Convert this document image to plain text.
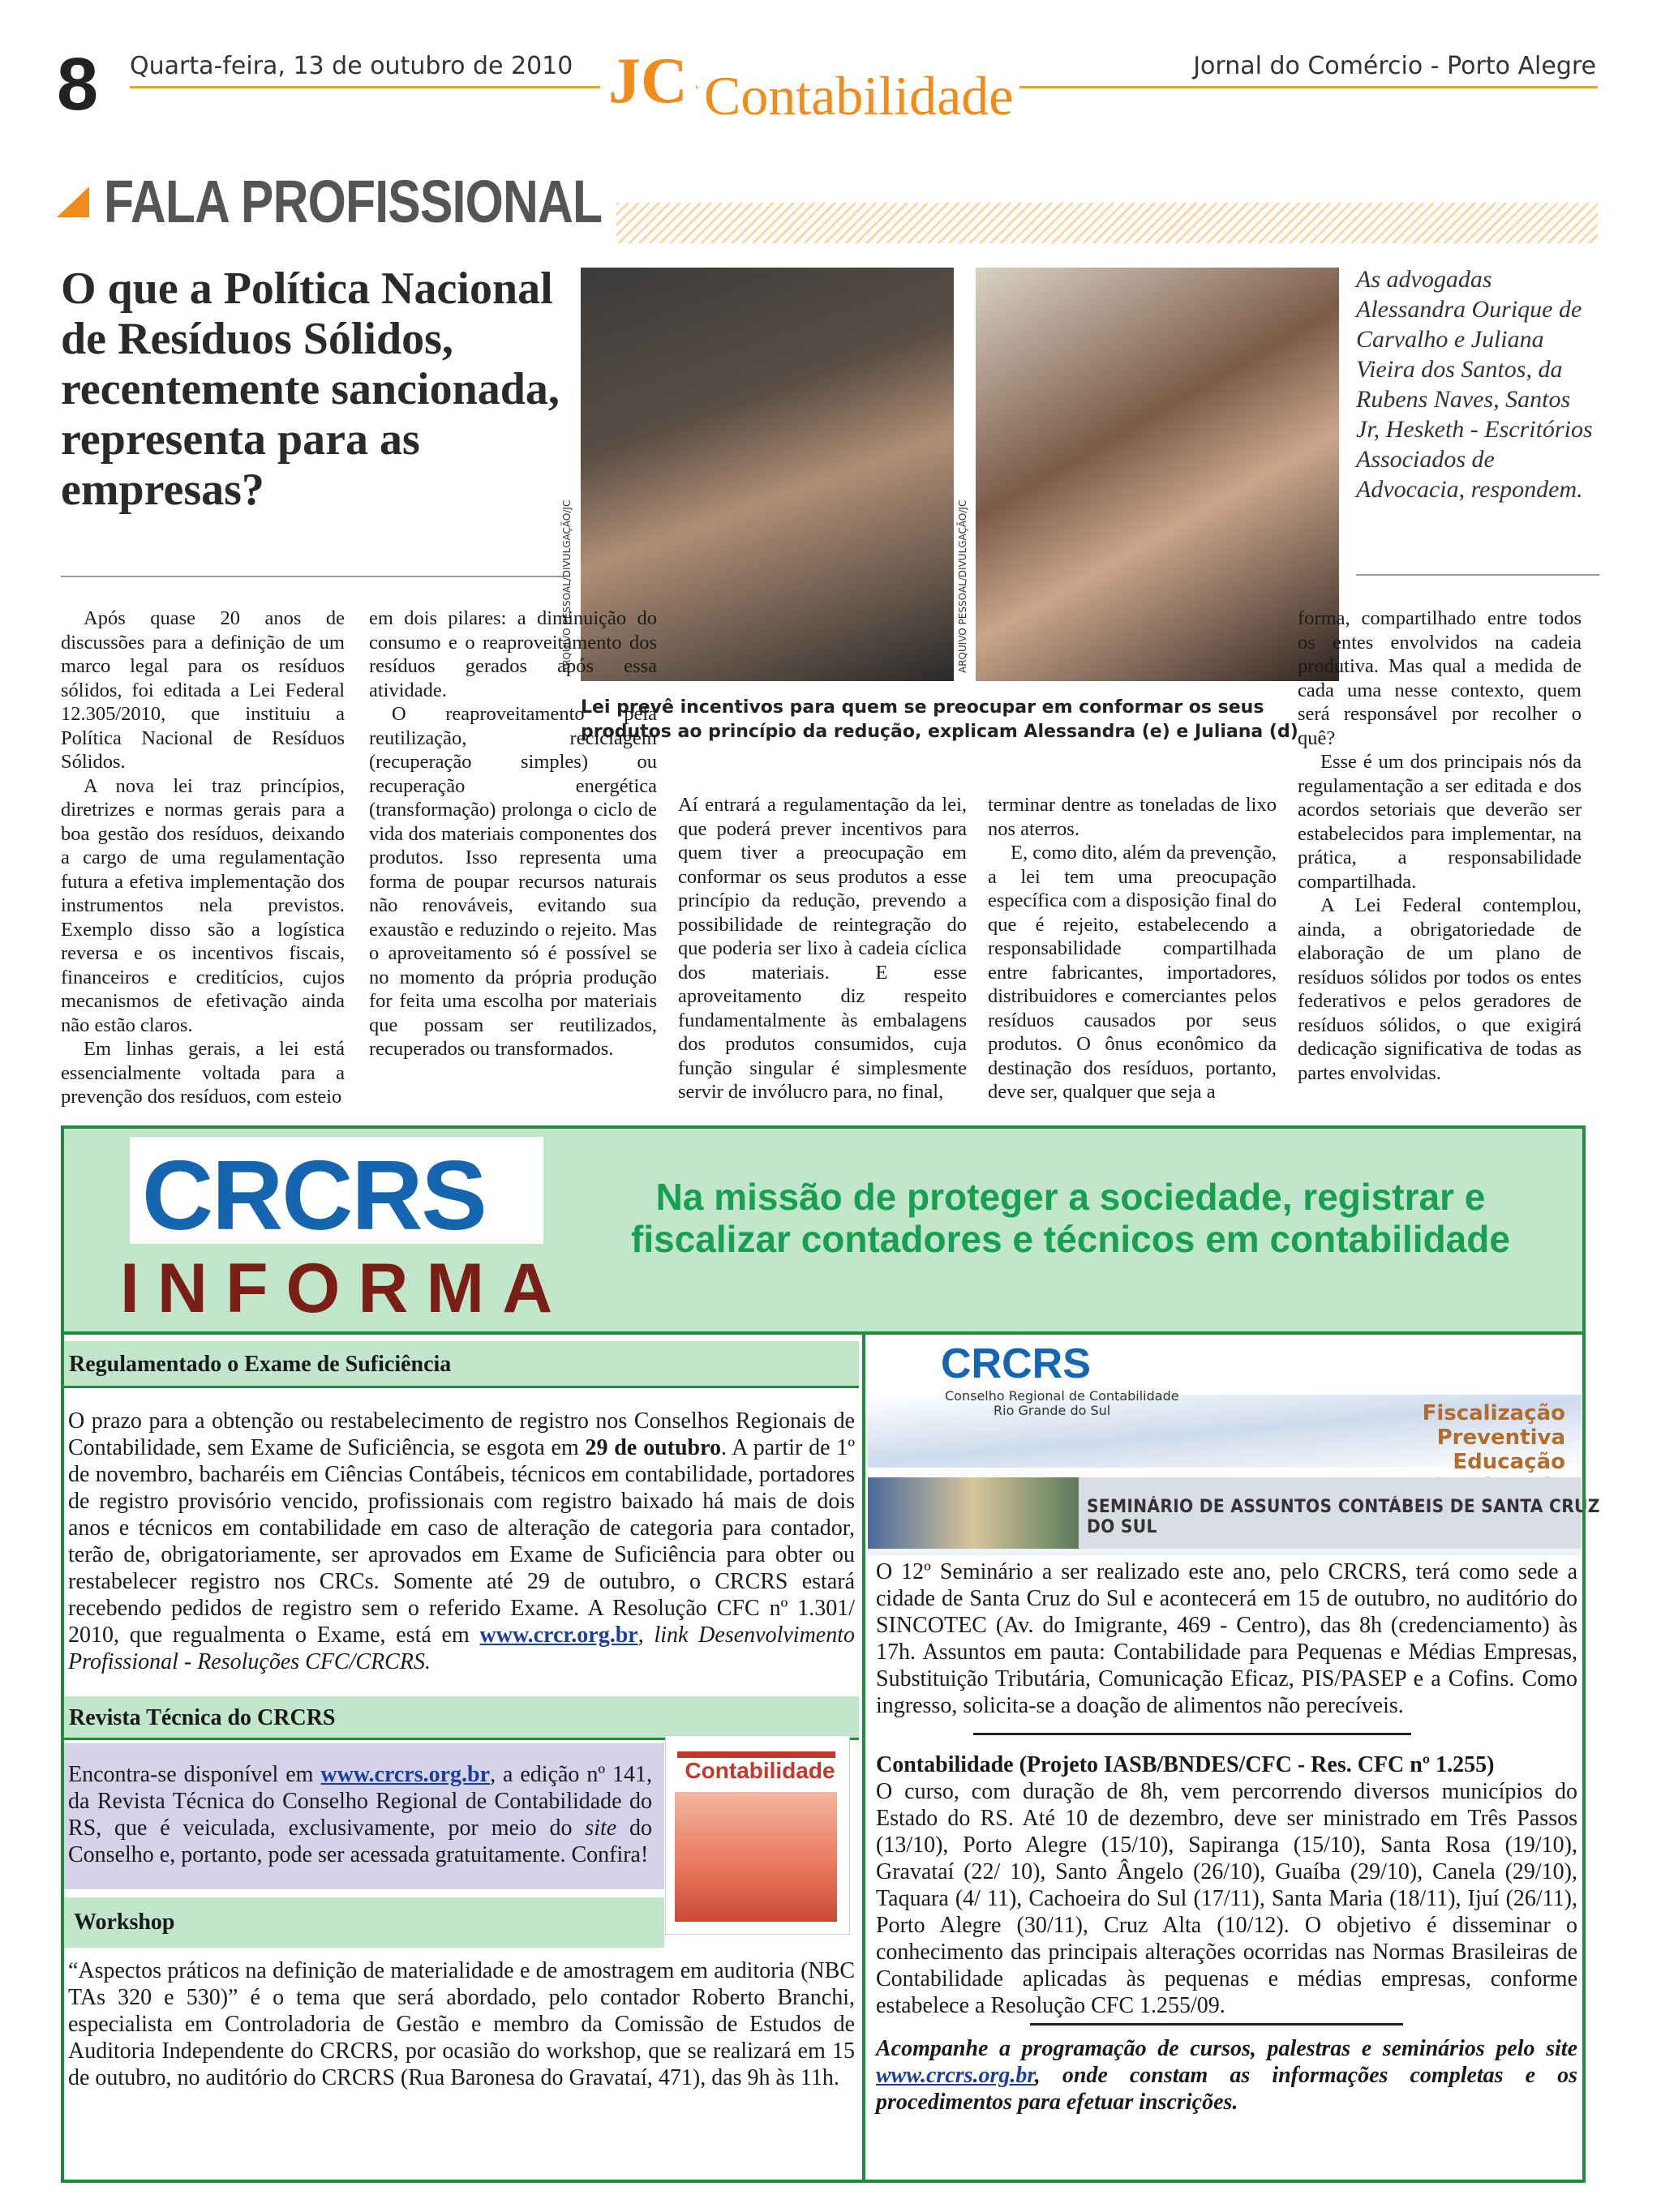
8 Quarta-feira, 13 de outubro de 2010	Jornal do Comércio - Porto Alegre
JC Contabilidade
FALA PROFISSIONAL
O que a Política Nacional de Resíduos Sólidos, recentemente sancionada, representa para as empresas?
ARQUIVO PESSOAL/DIVULGAÇÃO/JC	ARQUIVO PESSOAL/DIVULGAÇÃO/JC
As advogadas Alessandra Ourique de Carvalho e Juliana Vieira dos Santos, da Rubens Naves, Santos Jr, Hesketh - Escritórios Associados de Advocacia, respondem.
Lei prevê incentivos para quem se preocupar em conformar os seus produtos ao princípio da redução, explicam Alessandra (e) e Juliana (d)

Após quase 20 anos de discussões para a definição de um marco legal para os resíduos sólidos, foi editada a Lei Federal 12.305/2010, que instituiu a Política Nacional de Resíduos Sólidos.

A nova lei traz princípios, diretrizes e normas gerais para a boa gestão dos resíduos, deixando a cargo de uma regulamentação futura a efetiva implementação dos instrumentos nela previstos. Exemplo disso são a logística reversa e os incentivos fiscais, financeiros e creditícios, cujos mecanismos de efetivação ainda não estão claros.

Em linhas gerais, a lei está essencialmente voltada para a prevenção dos resíduos, com esteio

em dois pilares: a diminuição do consumo e o reaproveitamento dos resíduos gerados após essa atividade.

O reaproveitamento pela reutilização, reciclagem (recuperação simples) ou recuperação energética (transformação) prolonga o ciclo de vida dos materiais componentes dos produtos. Isso representa uma forma de poupar recursos naturais não renováveis, evitando sua exaustão e reduzindo o rejeito. Mas o aproveitamento só é possível se no momento da própria produção for feita uma escolha por materiais que possam ser reutilizados, recuperados ou transformados.

Aí entrará a regulamentação da lei, que poderá prever incentivos para quem tiver a preocupação em conformar os seus produtos a esse princípio da redução, prevendo a possibilidade de reintegração do que poderia ser lixo à cadeia cíclica dos materiais. E esse aproveitamento diz respeito fundamentalmente às embalagens dos produtos consumidos, cuja função singular é simplesmente servir de invólucro para, no final,

terminar dentre as toneladas de lixo nos aterros.

E, como dito, além da prevenção, a lei tem uma preocupação específica com a disposição final do que é rejeito, estabelecendo a responsabilidade compartilhada entre fabricantes, importadores, distribuidores e comerciantes pelos resíduos causados por seus produtos. O ônus econômico da destinação dos resíduos, portanto, deve ser, qualquer que seja a

forma, compartilhado entre todos os entes envolvidos na cadeia produtiva. Mas qual a medida de cada uma nesse contexto, quem será responsável por recolher o quê?

Esse é um dos principais nós da regulamentação a ser editada e dos acordos setoriais que deverão ser estabelecidos para implementar, na prática, a responsabilidade compartilhada.

A Lei Federal contemplou, ainda, a obrigatoriedade de elaboração de um plano de resíduos sólidos por todos os entes federativos e pelos geradores de resíduos sólidos, o que exigirá dedicação significativa de todas as partes envolvidas.

CRCRS
INFORMA
Na missão de proteger a sociedade, registrar e fiscalizar contadores e técnicos em contabilidade
Regulamentado o Exame de Suficiência
O prazo para a obtenção ou restabelecimento de registro nos Conselhos Regionais de Contabilidade, sem Exame de Suficiência, se esgota em 29 de outubro. A partir de 1º de novembro, bacharéis em Ciências Contábeis, técnicos em contabilidade, portadores de registro provisório vencido, profissionais com registro baixado há mais de dois anos e técnicos em contabilidade em caso de alteração de categoria para contador, terão de, obrigatoriamente, ser aprovados em Exame de Suficiência para obter ou restabelecer registro nos CRCs. Somente até 29 de outubro, o CRCRS estará recebendo pedidos de registro sem o referido Exame. A Resolução CFC nº 1.301/ 2010, que regualmenta o Exame, está em www.crcr.org.br, link Desenvolvimento Profissional - Resoluções CFC/CRCRS.
Revista Técnica do CRCRS
Encontra-se disponível em www.crcrs.org.br, a edição nº 141, da Revista Técnica do Conselho Regional de Contabilidade do RS, que é veiculada, exclusivamente, por meio do site do Conselho e, portanto, pode ser acessada gratuitamente. Confira!
Contabilidade
Workshop
“Aspectos práticos na definição de materialidade e de amostragem em auditoria (NBC TAs 320 e 530)” é o tema que será abordado, pelo contador Roberto Branchi, especialista em Controladoria de Gestão e membro da Comissão de Estudos de Auditoria Independente do CRCRS, por ocasião do workshop, que se realizará em 15 de outubro, no auditório do CRCRS (Rua Baronesa do Gravataí, 471), das 9h às 11h.
CRCRS
Conselho Regional de Contabilidade
Rio Grande do Sul	Fiscalização Preventiva
Educação
SEMINÁRIO DE ASSUNTOS CONTÁBEIS DE SANTA CRUZ DO SUL
O 12º Seminário a ser realizado este ano, pelo CRCRS, terá como sede a cidade de Santa Cruz do Sul e acontecerá em 15 de outubro, no auditório do SINCOTEC (Av. do Imigrante, 469 - Centro), das 8h (credenciamento) às 17h. Assuntos em pauta: Contabilidade para Pequenas e Médias Empresas, Substituição Tributária, Comunicação Eficaz, PIS/PASEP e a Cofins. Como ingresso, solicita-se a doação de alimentos não perecíveis.
Contabilidade (Projeto IASB/BNDES/CFC - Res. CFC nº 1.255)
O curso, com duração de 8h, vem percorrendo diversos municípios do Estado do RS. Até 10 de dezembro, deve ser ministrado em Três Passos (13/10), Porto Alegre (15/10), Sapiranga (15/10), Santa Rosa (19/10), Gravataí (22/ 10), Santo Ângelo (26/10), Guaíba (29/10), Canela (29/10), Taquara (4/ 11), Cachoeira do Sul (17/11), Santa Maria (18/11), Ijuí (26/11), Porto Alegre (30/11), Cruz Alta (10/12). O objetivo é disseminar o conhecimento das principais alterações ocorridas nas Normas Brasileiras de Contabilidade aplicadas às pequenas e médias empresas, conforme estabelece a Resolução CFC 1.255/09.
Acompanhe a programação de cursos, palestras e seminários pelo site www.crcrs.org.br, onde constam as informações completas e os procedimentos para efetuar inscrições.
